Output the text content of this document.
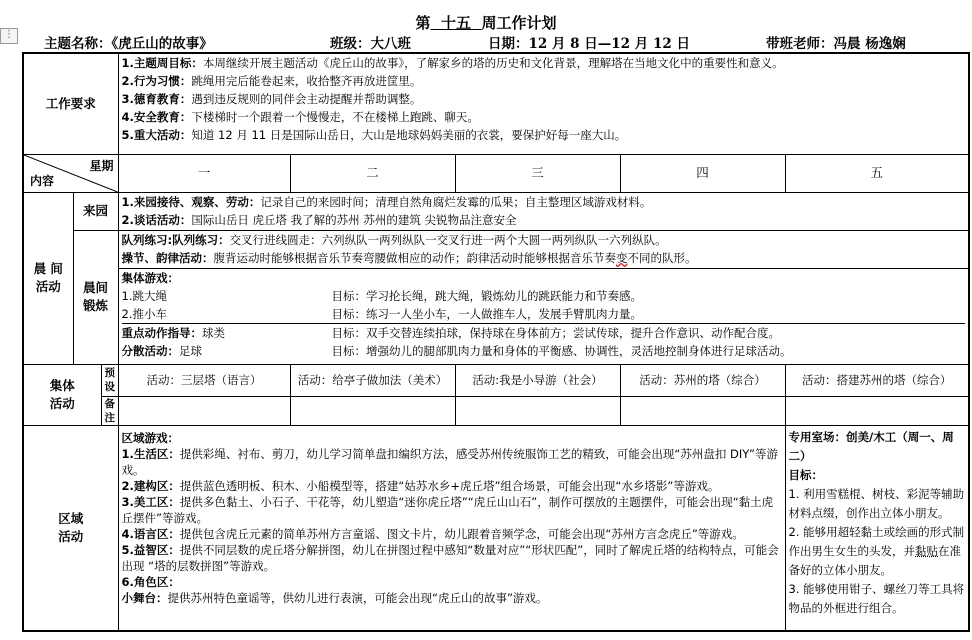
⋮
第 十五 周工作计划
主题名称：《虎丘山的故事》	班级：大八班	日期：12 月 8 日—12 月 12 日	带班老师：冯晨 杨逸娴
工作要求	
1.主题周目标：本周继续开展主题活动《虎丘山的故事》，了解家乡的塔的历史和文化背景，理解塔在当地文化中的重要性和意义。
2.行为习惯：跳绳用完后能卷起来，收拾整齐再放进筐里。
3.德育教育：遇到违反规则的同伴会主动提醒并帮助调整。
4.安全教育：下楼梯时一个跟着一个慢慢走，不在楼梯上跑跳、聊天。
5.重大活动：知道 12 月 11 日是国际山岳日，大山是地球妈妈美丽的衣裳，要保护好每一座大山。

星期
内容
	一	二	三	四	五
晨 间
活动	来园	
1.来园接待、观察、劳动：记录自己的来园时间；清理自然角腐烂发霉的瓜果；自主整理区域游戏材料。
2.谈话活动：国际山岳日 虎丘塔 我了解的苏州 苏州的建筑 尖锐物品注意安全

晨间
锻炼	
队列练习:队列练习：交叉行进线圆走：六列纵队一两列纵队一交叉行进一两个大圆一两列纵队一六列纵队。
操节、韵律活动：腹背运动时能够根据音乐节奏弯腰做相应的动作；韵律活动时能够根据音乐节奏变不同的队形。

集体游戏：
1.跳大绳	目标：学习抡长绳，跳大绳，锻炼幼儿的跳跃能力和节奏感。
2.推小车	目标：练习一人坐小车，一人做推车人，发展手臂肌肉力量。
重点动作指导：球类	目标：双手交替连续拍球，保持球在身体前方；尝试传球，提升合作意识、动作配合度。
分散活动：足球	目标：增强幼儿的腿部肌肉力量和身体的平衡感、协调性，灵活地控制身体进行足球活动。

集体
活动	预设	活动：三层塔（语言）	活动：给亭子做加法（美术）	活动:我是小导游（社会）	活动：苏州的塔（综合）	活动：搭建苏州的塔（综合）
备注					
区域
活动	
区域游戏：
1.生活区：提供彩绳、衬布、剪刀，幼儿学习简单盘扣编织方法，感受苏州传统服饰工艺的精致，可能会出现“苏州盘扣 DIY”等游戏。
2.建构区：提供蓝色透明板、积木、小船模型等，搭建“姑苏水乡+虎丘塔”组合场景，可能会出现“水乡塔影”等游戏。
3.美工区：提供多色黏土、小石子、干花等，幼儿塑造“迷你虎丘塔”“虎丘山山石”，制作可摆放的主题摆件，可能会出现“黏土虎丘摆件”等游戏。
4.语言区：提供包含虎丘元素的简单苏州方言童谣、图文卡片，幼儿跟着音频学念，可能会出现“苏州方言念虎丘”等游戏。
5.益智区：提供不同层数的虎丘塔分解拼图，幼儿在拼图过程中感知“数量对应”“形状匹配”，同时了解虎丘塔的结构特点，可能会出现 “塔的层数拼图”等游戏。
6.角色区：
小舞台：提供苏州特色童谣等，供幼儿进行表演，可能会出现“虎丘山的故事”游戏。

专用室场：创美/木工（周一、周二）
目标：
1. 利用雪糕棍、树枝、彩泥等辅助材料点缀，创作出立体小朋友。
2. 能够用超轻黏土或绘画的形式制作出男生女生的头发，并黏贴在准备好的立体小朋友。
3. 能够使用钳子、螺丝刀等工具将物品的外框进行组合。
